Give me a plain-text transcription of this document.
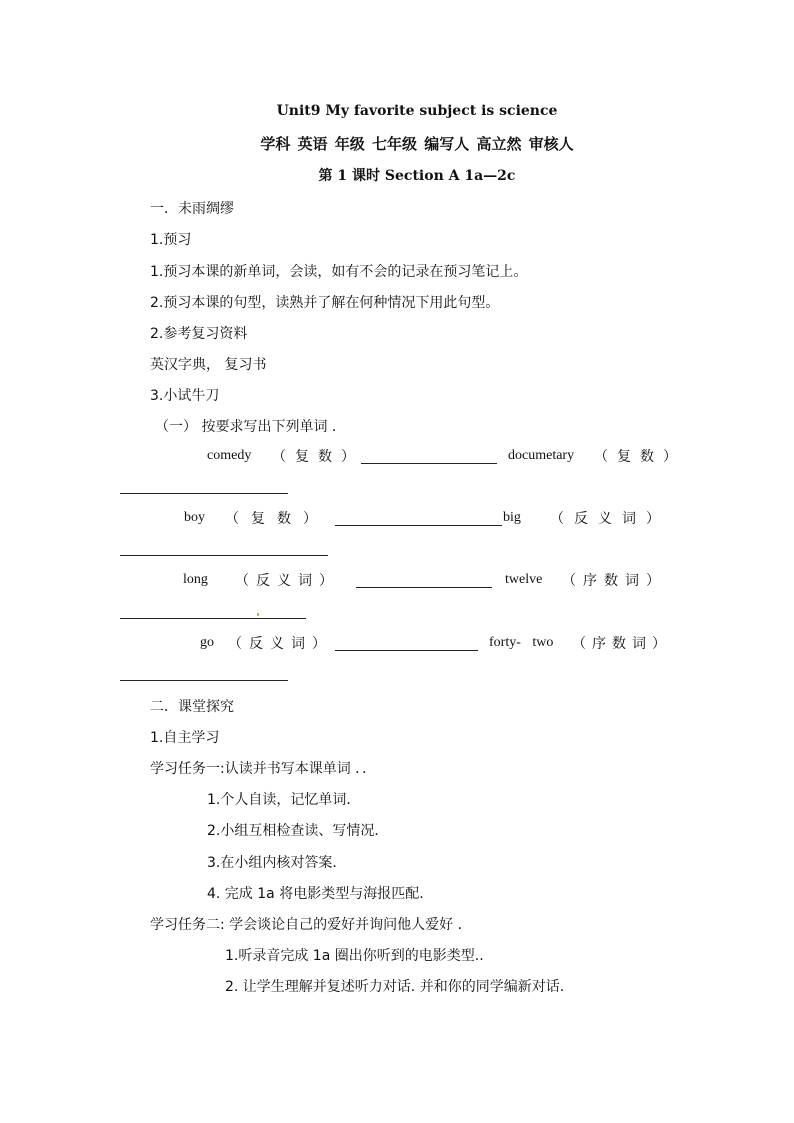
Unit9 My favorite subject is science
学科 英语 年级 七年级 编写人 高立然 审核人
第 1 课时 Section A 1a—2c
一．未雨绸缪
1.预习
1.预习本课的新单词，会读，如有不会的记录在预习笔记上。
2.预习本课的句型，读熟并了解在何种情况下用此句型。
2.参考复习资料
英汉字典， 复习书
3.小试牛刀
（一） 按要求写出下列单词 ．
comedy （复数）	documetary （复数）
boy （复数）	big （反义词）
long （反义词）	twelve （序数词）
go （反义词）	forty- two （序数词）
二．课堂探究
1.自主学习
学习任务一:认读并书写本课单词 ．．
1.个人自读，记忆单词．
2.小组互相检查读、写情况．
3.在小组内核对答案.
4. 完成 1a 将电影类型与海报匹配.
学习任务二: 学会谈论自己的爱好并询问他人爱好 ．
1.听录音完成 1a 圈出你听到的电影类型..
2. 让学生理解并复述听力对话. 并和你的同学编新对话.
